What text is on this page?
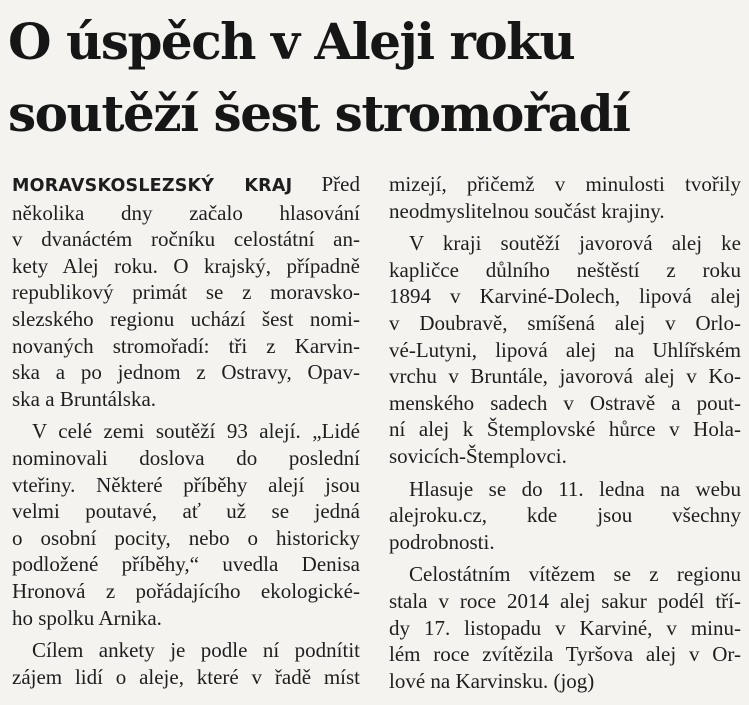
O úspěch v Aleji roku
soutěží šest stromořadí
MORAVSKOSLEZSKÝ KRAJ Před
několika dny začalo hlasování
v dvanáctém ročníku celostátní an-
kety Alej roku. O krajský, případně
republikový primát se z moravsko-
slezského regionu uchází šest nomi-
novaných stromořadí: tři z Karvin-
ska a po jednom z Ostravy, Opav-
ska a Bruntálska.
V celé zemi soutěží 93 alejí. „Lidé
nominovali doslova do poslední
vteřiny. Některé příběhy alejí jsou
velmi poutavé, ať už se jedná
o osobní pocity, nebo o historicky
podložené příběhy,“ uvedla Denisa
Hronová z pořádajícího ekologické-
ho spolku Arnika.
Cílem ankety je podle ní podnítit
zájem lidí o aleje, které v řadě míst
mizejí, přičemž v minulosti tvořily
neodmyslitelnou součást krajiny.
V kraji soutěží javorová alej ke
kapličce důlního neštěstí z roku
1894 v Karviné-Dolech, lipová alej
v Doubravě, smíšená alej v Orlo-
vé-Lutyni, lipová alej na Uhlířském
vrchu v Bruntále, javorová alej v Ko-
menského sadech v Ostravě a pout-
ní alej k Štemplovské hůrce v Hola-
sovicích-Štemplovci.
Hlasuje se do 11. ledna na webu
alejroku.cz, kde jsou všechny
podrobnosti.
Celostátním vítězem se z regionu
stala v roce 2014 alej sakur podél tří-
dy 17. listopadu v Karviné, v minu-
lém roce zvítězila Tyršova alej v Or-
lové na Karvinsku. (jog)
